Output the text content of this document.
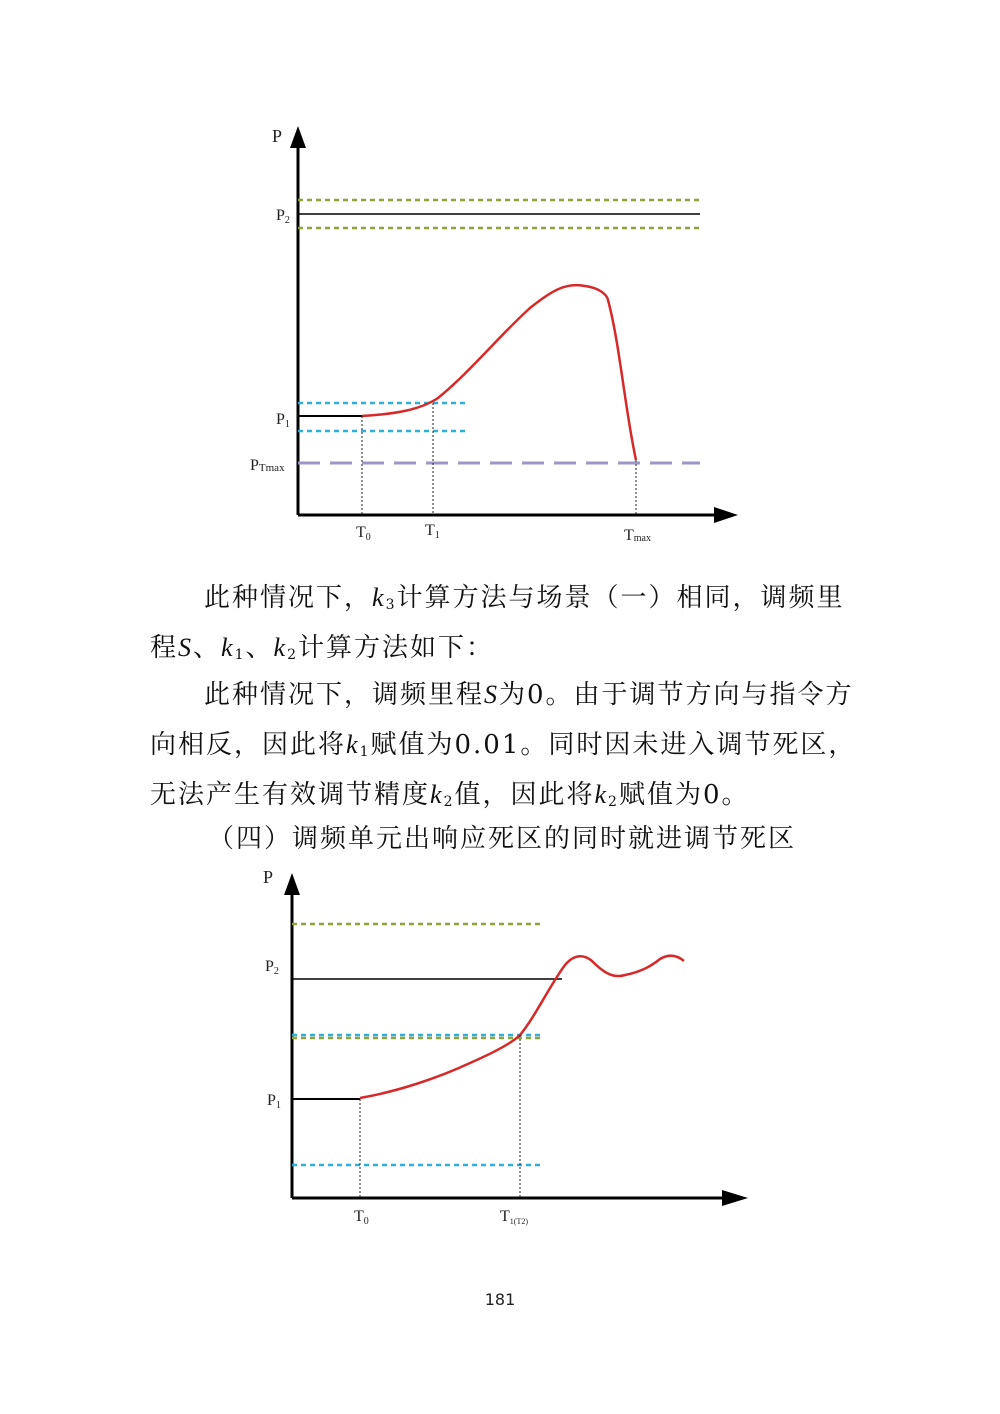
P
P2
P1
PTmax
T0	T1	Tmax

此种情况下，$k_3$计算方法与场景（一）相同，调频里程S、$k_1$、$k_2$计算方法如下：

此种情况下，调频里程S为0。由于调节方向与指令方向相反，因此将$k_1$赋值为0.01。同时因未进入调节死区，无法产生有效调节精度$k_2$值，因此将$k_2$赋值为0。

（四）调频单元出响应死区的同时就进调节死区

P
P2
P1
T0	T1(T2)
181
